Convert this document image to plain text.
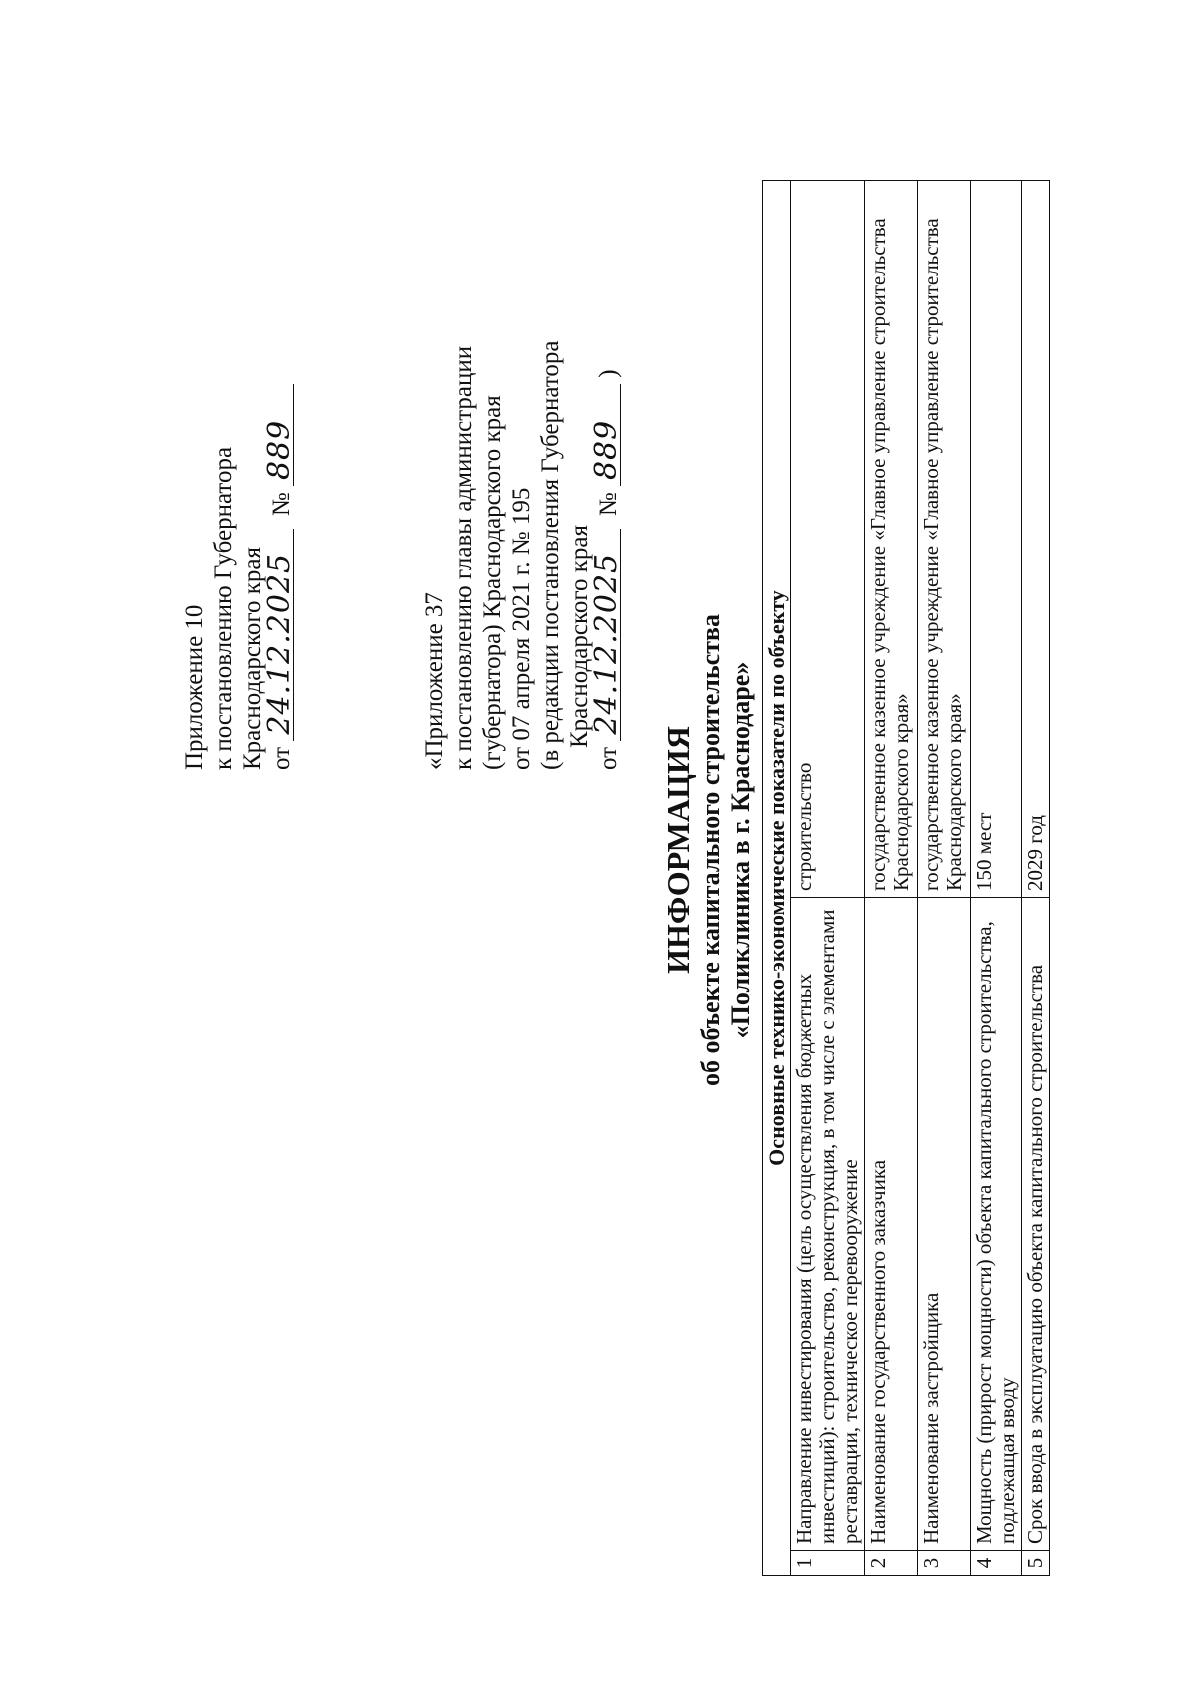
Приложение 10 к постановлению Губернатора Краснодарского края от 24.12.2025  № 889
«Приложение 37 к постановлению главы администрации (губернатора) Краснодарского края от 07 апреля 2021 г. № 195 (в редакции постановления Губернатора Краснодарского края
от 24.12.2025  № 889 )
ИНФОРМАЦИЯ об объекте капитального строительства «Поликлиника в г. Краснодаре» Основные технико-экономические показатели по объекту		
1	Направление инвестирования (цель осуществления бюджетных инвестиций): строительство, реконструкция, в том числе с элементами реставрации, техническое перевооружение	строительство
2	Наименование государственного заказчика	государственное казенное учреждение «Главное управление строительства Краснодарского края»
3	Наименование застройщика	государственное казенное учреждение «Главное управление строительства Краснодарского края»
4	Мощность (прирост мощности) объекта капитального строительства, подлежащая вводу	150 мест
5	Срок ввода в эксплуатацию объекта капитального строительства	2029 год
